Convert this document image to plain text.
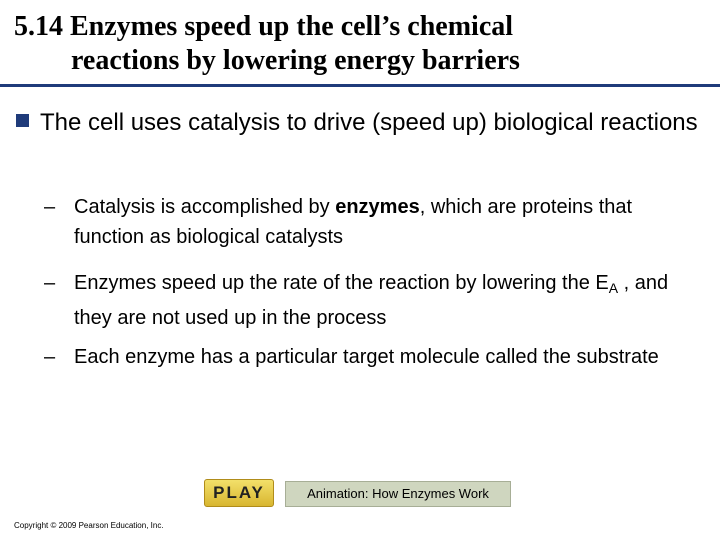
5.14 Enzymes speed up the cell’s chemical
reactions by lowering energy barriers
The cell uses catalysis to drive (speed up) biological reactions
– Catalysis is accomplished by enzymes, which are proteins that function as biological catalysts
– Enzymes speed up the rate of the reaction by lowering the $E_A$ , and they are not used up in the process
– Each enzyme has a particular target molecule called the substrate
PLAY	Animation: How Enzymes Work
Copyright © 2009 Pearson Education, Inc.
